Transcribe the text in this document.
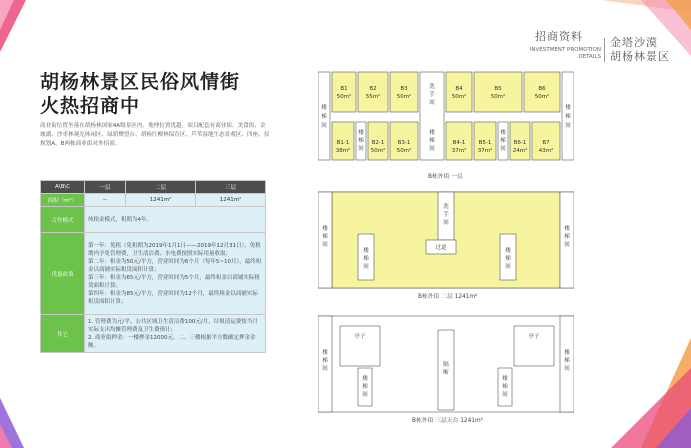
招商资料
INVESTMENT PROMOTION DETAILS
金塔沙漠
胡杨林景区
胡杨林景区民俗风情街
火热招商中
商业街位置坐落在胡杨林国家4A级景区内、地理位置优越。项目配套有商业街、美食街、金坡湖、沙枣林观光休闲区、绿荫鹭望台、胡杨红柳林保育区、芦苇湿地生态景观区、四座、仅规划A、B两栋商业街对外招商。
A\B\C	一层	二层	三层
面积（m²）	--	1241m²	1241m²
合作模式	纯租金模式，租期为4年。		
优惠政策	第一年：免租（免租期为2019年1月1日——2019年12月31日），免租期内予免管理费，卫生清洁费、水电费按照实际用量收取；
第二年：租金为50元/平方，营业时间为6个月（每年5~10月），最终租金以商铺实际租赁面积计算；
第三年：租金为65元/平方，营业时间为5个月，最终租金以商铺实际租赁面积计算；
第四年：租金为85元/平方，营业时间为12个月，最终租金以商铺实际租赁面积计算；		

其它	1. 管理费为元/平。公共区域卫生清洁费100元/月，垃圾清运费按当月实际支出均摊管理费及卫生费预计；
2. 商业街押金：一楼押金12000元、二、三楼根据平方数确定押金金额。		
楼
梯
间
楼
梯
间
B1
50m²
B2
55m²
B3
50m²
B4
50m²
B5
50m²
B6
50m²
B1-1
38m²
B2-1
50m²
B3-1
50m²
B4-1
37m²
B5-1
37m²
B6-1
24m²
B7
43m²
洗
手
间
楼
梯
间
楼
梯
间
楼
梯
间
B栋外街 一层
楼
梯
间
楼
梯
间
洗
手
间
楼
梯
间
楼
梯
间
过道
B栋外街 二层 1241m²
亭子	亭子
楼
梯
间
楼
梯
间
楼
梯
间
楼
梯
间
隔
断
B栋外街 三层天台 1241m²
